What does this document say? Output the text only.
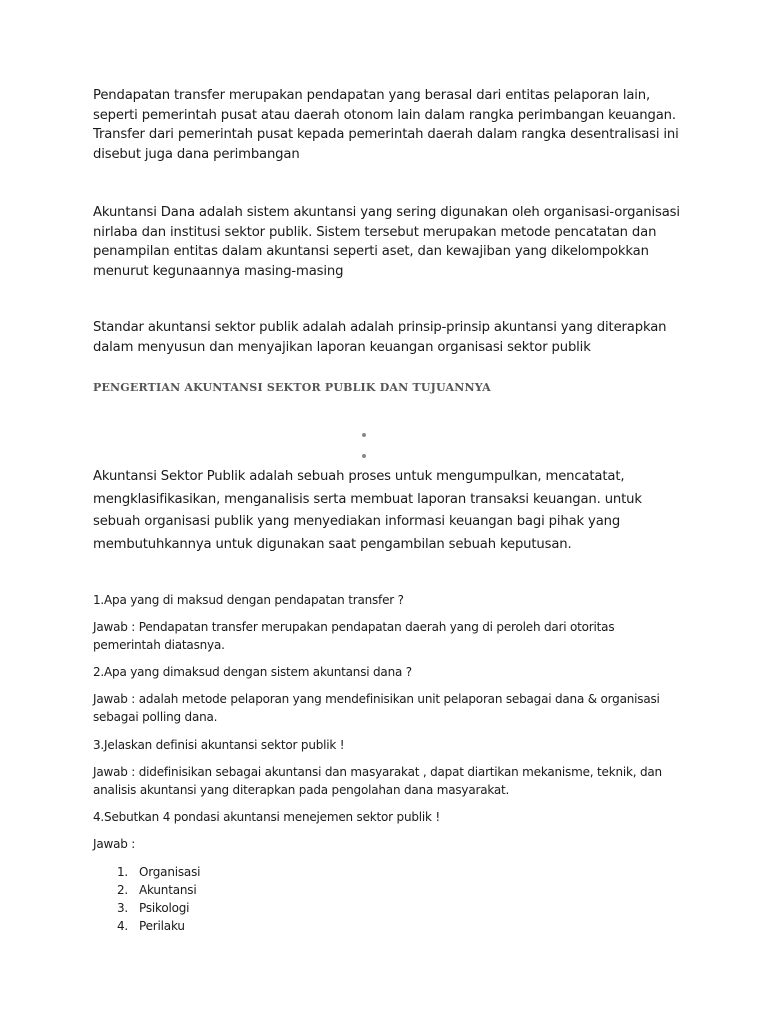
Pendapatan transfer merupakan pendapatan yang berasal dari entitas pelaporan lain, seperti pemerintah pusat atau daerah otonom lain dalam rangka perimbangan keuangan. Transfer dari pemerintah pusat kepada pemerintah daerah dalam rangka desentralisasi ini disebut juga dana perimbangan

Akuntansi Dana adalah sistem akuntansi yang sering digunakan oleh organisasi-organisasi nirlaba dan institusi sektor publik. Sistem tersebut merupakan metode pencatatan dan penampilan entitas dalam akuntansi seperti aset, dan kewajiban yang dikelompokkan menurut kegunaannya masing-masing

Standar akuntansi sektor publik adalah adalah prinsip-prinsip akuntansi yang diterapkan dalam menyusun dan menyajikan laporan keuangan organisasi sektor publik

PENGERTIAN AKUNTANSI SEKTOR PUBLIK DAN TUJUANNYA

Akuntansi Sektor Publik adalah sebuah proses untuk mengumpulkan, mencatatat, mengklasifikasikan, menganalisis serta membuat laporan transaksi keuangan. untuk sebuah organisasi publik yang menyediakan informasi keuangan bagi pihak yang membutuhkannya untuk digunakan saat pengambilan sebuah keputusan.

1.Apa yang di maksud dengan pendapatan transfer ?

Jawab : Pendapatan transfer merupakan pendapatan daerah yang di peroleh dari otoritas pemerintah diatasnya.

2.Apa yang dimaksud dengan sistem akuntansi dana ?

Jawab : adalah metode pelaporan yang mendefinisikan unit pelaporan sebagai dana & organisasi sebagai polling dana.

3.Jelaskan definisi akuntansi sektor publik !

Jawab : didefinisikan sebagai akuntansi dan masyarakat , dapat diartikan mekanisme, teknik, dan analisis akuntansi yang diterapkan pada pengolahan dana masyarakat.

4.Sebutkan 4 pondasi akuntansi menejemen sektor publik !

Jawab :

1. Organisasi
2. Akuntansi
3. Psikologi
4. Perilaku
